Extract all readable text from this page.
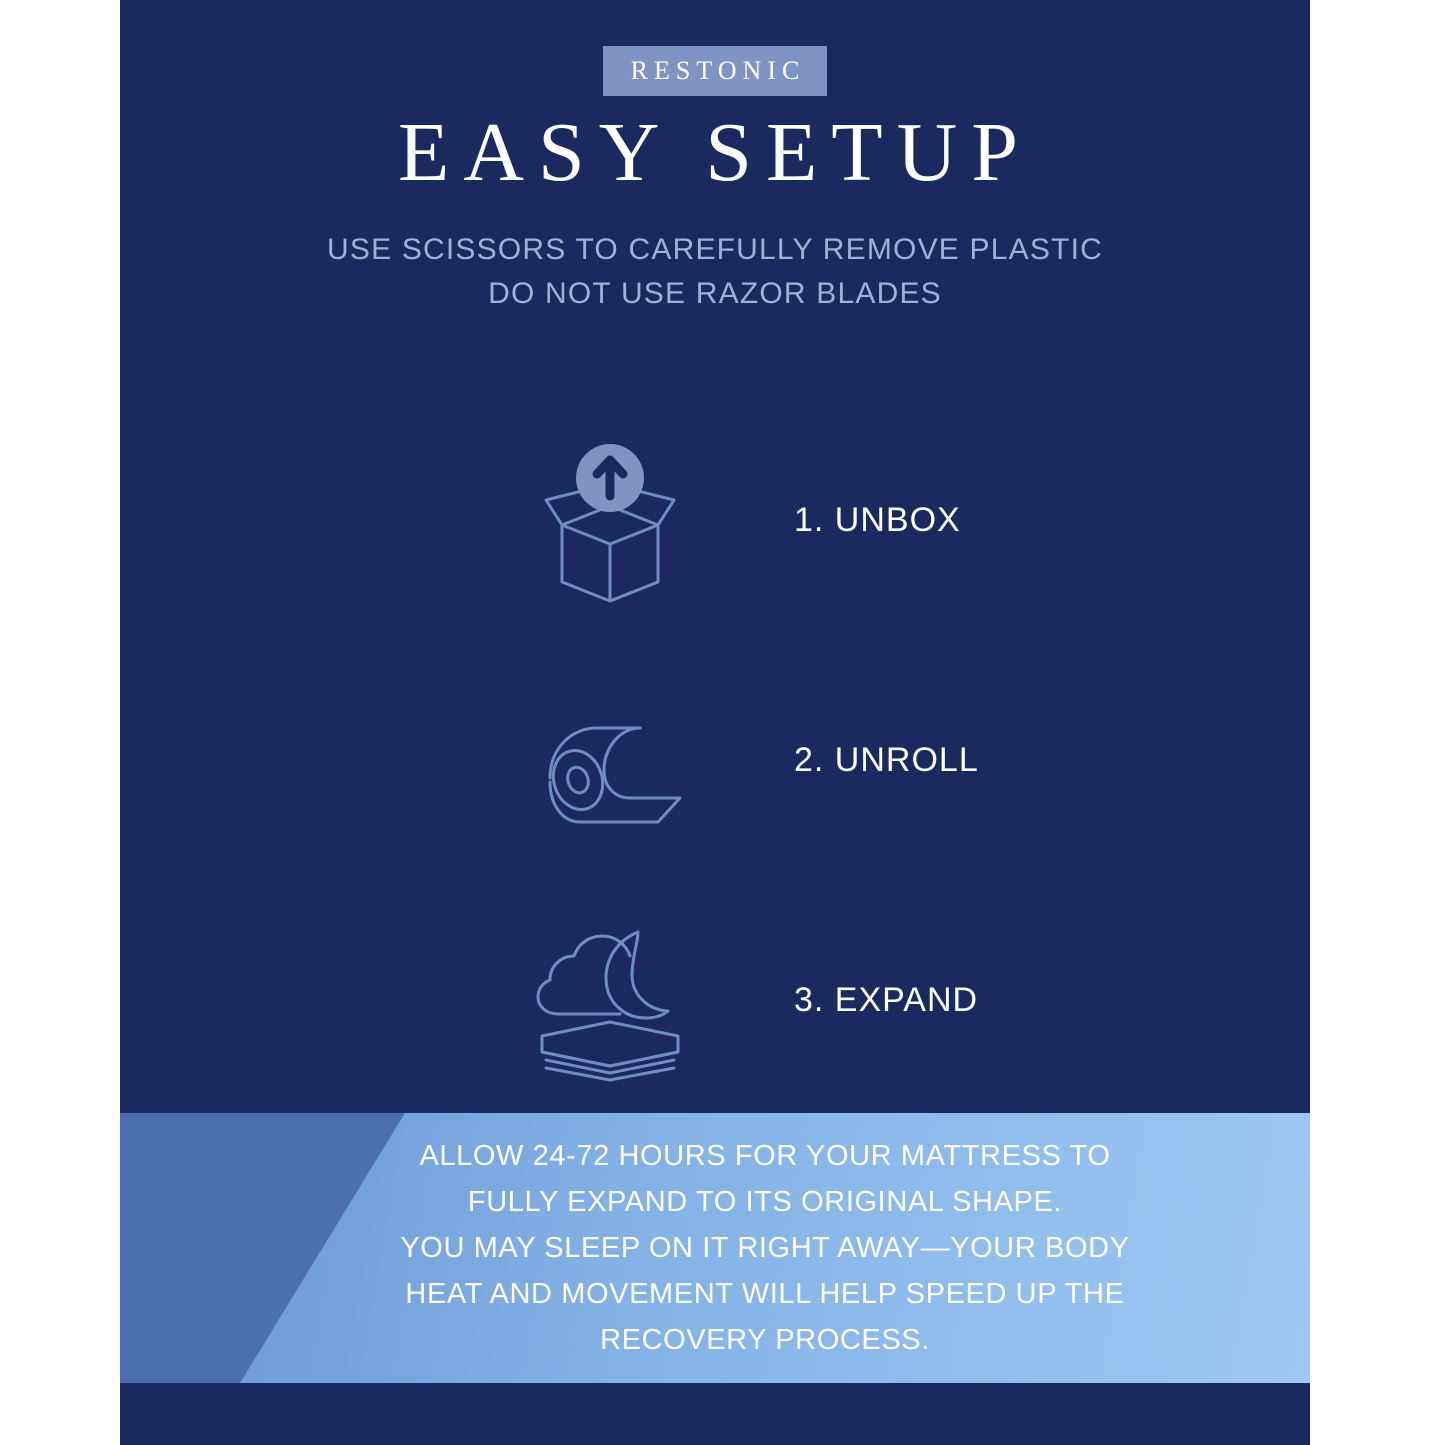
RESTONIC
EASY SETUP
USE SCISSORS TO CAREFULLY REMOVE PLASTIC
DO NOT USE RAZOR BLADES
1. UNBOX
2. UNROLL
3. EXPAND
ALLOW 24-72 HOURS FOR YOUR MATTRESS TO
FULLY EXPAND TO ITS ORIGINAL SHAPE.
YOU MAY SLEEP ON IT RIGHT AWAY—YOUR BODY
HEAT AND MOVEMENT WILL HELP SPEED UP THE
RECOVERY PROCESS.
